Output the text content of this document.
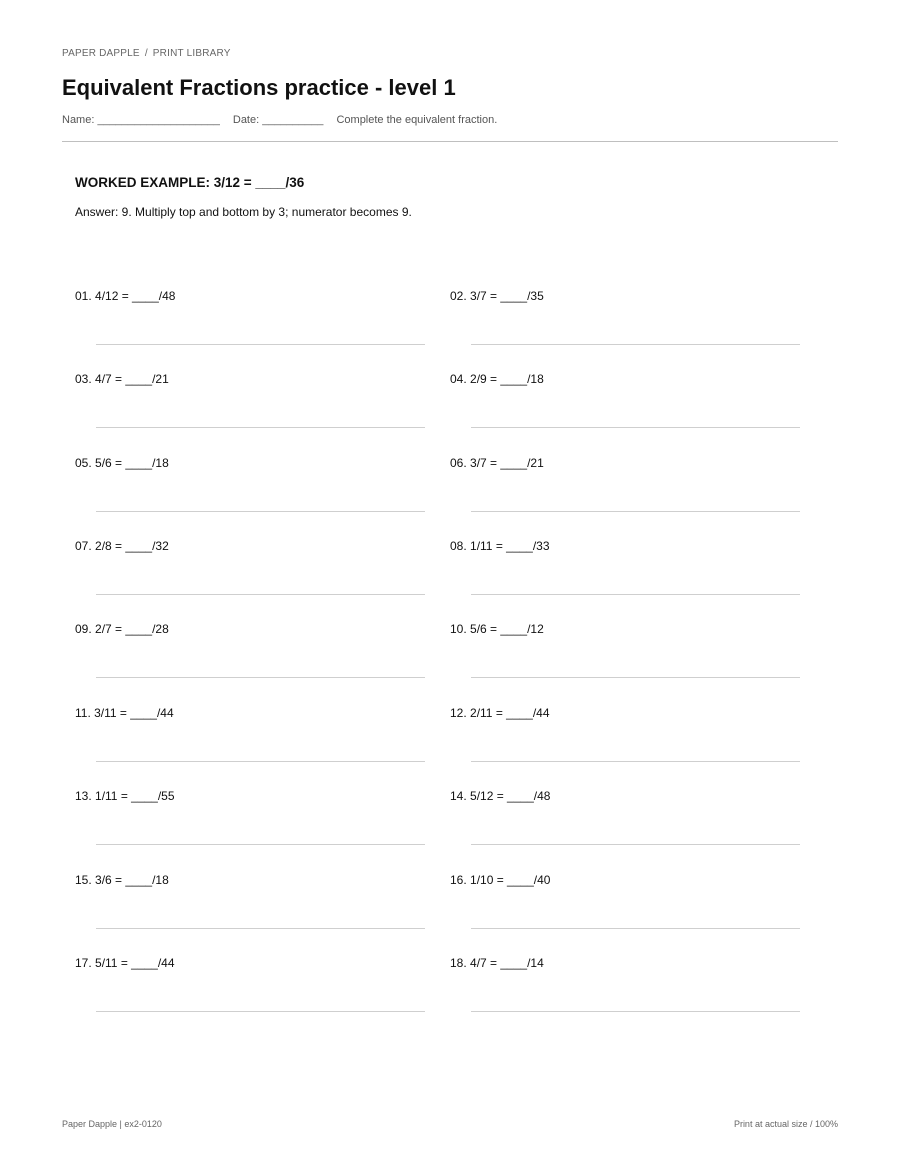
PAPER DAPPLE / PRINT LIBRARY
Equivalent Fractions practice - level 1
Name: ____________________ Date: __________ Complete the equivalent fraction.
WORKED EXAMPLE: 3/12 = ____/36
Answer: 9. Multiply top and bottom by 3; numerator becomes 9.
01. 4/12 = ____/48	02. 3/7 = ____/35
03. 4/7 = ____/21	04. 2/9 = ____/18
05. 5/6 = ____/18	06. 3/7 = ____/21
07. 2/8 = ____/32	08. 1/11 = ____/33
09. 2/7 = ____/28	10. 5/6 = ____/12
11. 3/11 = ____/44	12. 2/11 = ____/44
13. 1/11 = ____/55	14. 5/12 = ____/48
15. 3/6 = ____/18	16. 1/10 = ____/40
17. 5/11 = ____/44	18. 4/7 = ____/14
Paper Dapple | ex2-0120	Print at actual size / 100%
